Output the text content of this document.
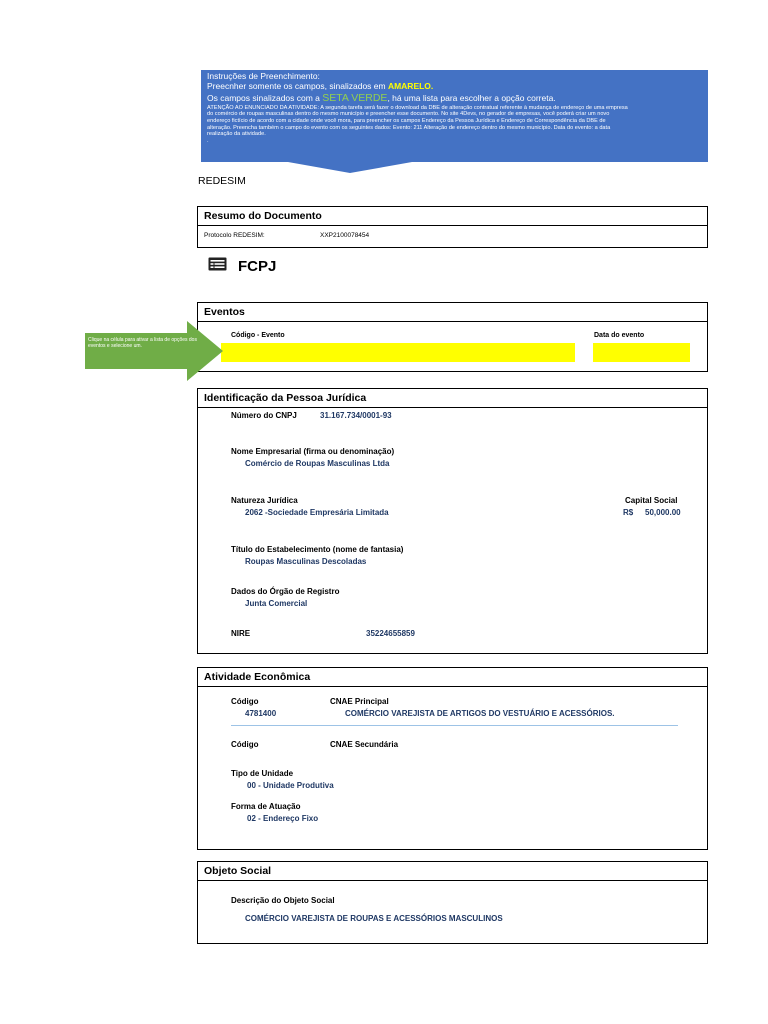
Instruções de Preenchimento:
Preecnher somente os campos, sinalizados em AMARELO.
Os campos sinalizados com a SETA VERDE, há uma lista para escolher a opção correta.
ATENÇÃO AO ENUNCIADO DA ATIVIDADE: A segunda tarefa será fazer o download da DBE de alteração contratual referente à mudança de endereço de uma empresa
do comércio de roupas masculinas dentro do mesmo município e preencher esse documento. No site 4Devs, no gerador de empresas, você poderá criar um novo
endereço fictício de acordo com a cidade onde você mora, para preencher os campos Endereço da Pessoa Jurídica e Endereço de Correspondência da DBE de
alteração. Preencha também o campo do evento com os seguintes dados: Evento: 211 Alteração de endereço dentro do mesmo município. Data do evento: a data
realização da atividade.
.
REDESIM
Resumo do Documento
Protocolo REDESIM:	XXP2100078454
FCPJ
Eventos
Código - Evento	Data do evento
Clique na célula para ativar a lista de opções dos eventos e selecione um.
Identificação da Pessoa Jurídica
Número do CNPJ	31.167.734/0001-93
Nome Empresarial (firma ou denominação)
Comércio de Roupas Masculinas Ltda
Natureza Jurídica
2062 -Sociedade Empresária Limitada
Capital Social
R$ 50,000.00
Título do Estabelecimento (nome de fantasia)
Roupas Masculinas Descoladas
Dados do Órgão de Registro
Junta Comercial
NIRE	35224655859
Atividade Econômica
Código	CNAE Principal
4781400	COMÉRCIO VAREJISTA DE ARTIGOS DO VESTUÁRIO E ACESSÓRIOS.
Código	CNAE Secundária
Tipo de Unidade
00 - Unidade Produtiva
Forma de Atuação
02 - Endereço Fixo
Objeto Social
Descrição do Objeto Social
COMÉRCIO VAREJISTA DE ROUPAS E ACESSÓRIOS MASCULINOS
